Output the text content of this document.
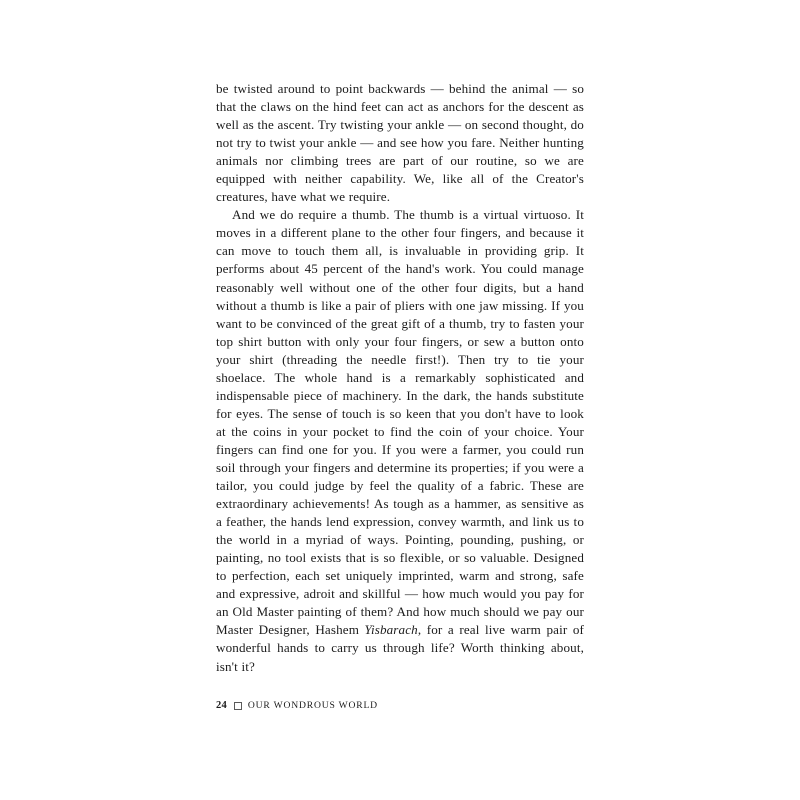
be twisted around to point backwards — behind the animal — so that the claws on the hind feet can act as anchors for the descent as well as the ascent. Try twisting your ankle — on second thought, do not try to twist your ankle — and see how you fare. Neither hunting animals nor climbing trees are part of our routine, so we are equipped with neither capability. We, like all of the Creator's creatures, have what we require.

And we do require a thumb. The thumb is a virtual virtuoso. It moves in a different plane to the other four fingers, and because it can move to touch them all, is invaluable in providing grip. It performs about 45 percent of the hand's work. You could manage reasonably well without one of the other four digits, but a hand without a thumb is like a pair of pliers with one jaw missing. If you want to be convinced of the great gift of a thumb, try to fasten your top shirt button with only your four fingers, or sew a button onto your shirt (threading the needle first!). Then try to tie your shoelace. The whole hand is a remarkably sophisticated and indispensable piece of machinery. In the dark, the hands substitute for eyes. The sense of touch is so keen that you don't have to look at the coins in your pocket to find the coin of your choice. Your fingers can find one for you. If you were a farmer, you could run soil through your fingers and determine its properties; if you were a tailor, you could judge by feel the quality of a fabric. These are extraordinary achievements! As tough as a hammer, as sensitive as a feather, the hands lend expression, convey warmth, and link us to the world in a myriad of ways. Pointing, pounding, pushing, or painting, no tool exists that is so flexible, or so valuable. Designed to perfection, each set uniquely imprinted, warm and strong, safe and expressive, adroit and skillful — how much would you pay for an Old Master painting of them? And how much should we pay our Master Designer, Hashem Yisbarach, for a real live warm pair of wonderful hands to carry us through life? Worth thinking about, isn't it?

24 OUR WONDROUS WORLD
